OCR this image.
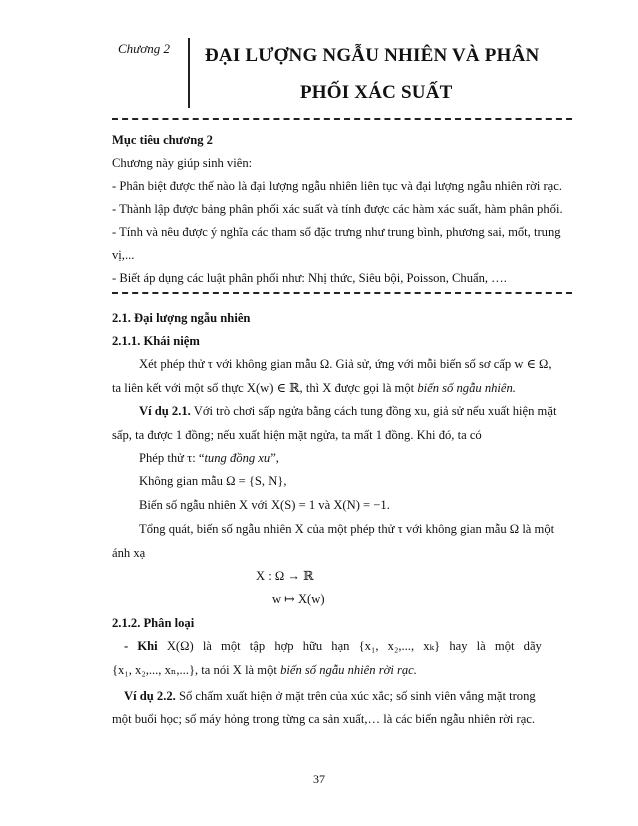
Chương 2 ĐẠI LƯỢNG NGẪU NHIÊN VÀ PHÂN
PHỐI XÁC SUẤT
Mục tiêu chương 2
Chương này giúp sinh viên:
- Phân biệt được thế nào là đại lượng ngẫu nhiên liên tục và đại lượng ngẫu nhiên rời rạc.
- Thành lập được bảng phân phối xác suất và tính được các hàm xác suất, hàm phân phối.
- Tính và nêu được ý nghĩa các tham số đặc trưng như trung bình, phương sai, mốt, trung
vị,...
- Biết áp dụng các luật phân phối như: Nhị thức, Siêu bội, Poisson, Chuẩn, ….
2.1. Đại lượng ngẫu nhiên
2.1.1. Khái niệm
Xét phép thử τ với không gian mẫu Ω. Giả sử, ứng với mỗi biến số sơ cấp w ∈ Ω,
ta liên kết với một số thực X(w) ∈ ℝ, thì X được gọi là một biến số ngẫu nhiên.
Ví dụ 2.1. Với trò chơi sấp ngửa bằng cách tung đồng xu, giả sử nếu xuất hiện mặt
sấp, ta được 1 đồng; nếu xuất hiện mặt ngửa, ta mất 1 đồng. Khi đó, ta có
Phép thử τ: “tung đồng xu”,
Không gian mẫu Ω = {S, N},
Biến số ngẫu nhiên X với X(S) = 1 và X(N) = −1.
Tổng quát, biến số ngẫu nhiên X của một phép thử τ với không gian mẫu Ω là một
ánh xạ
X : Ω → ℝ
w ↦ X(w)
2.1.2. Phân loại
- Khi X(Ω) là một tập hợp hữu hạn {x₁, x₂,..., xₖ} hay là một dãy
{x₁, x₂,..., xₙ,...}, ta nói X là một biến số ngẫu nhiên rời rạc.
Ví dụ 2.2. Số chấm xuất hiện ở mặt trên của xúc xắc; số sinh viên vắng mặt trong
một buổi học; số máy hỏng trong từng ca sản xuất,… là các biến ngẫu nhiên rời rạc.
37
